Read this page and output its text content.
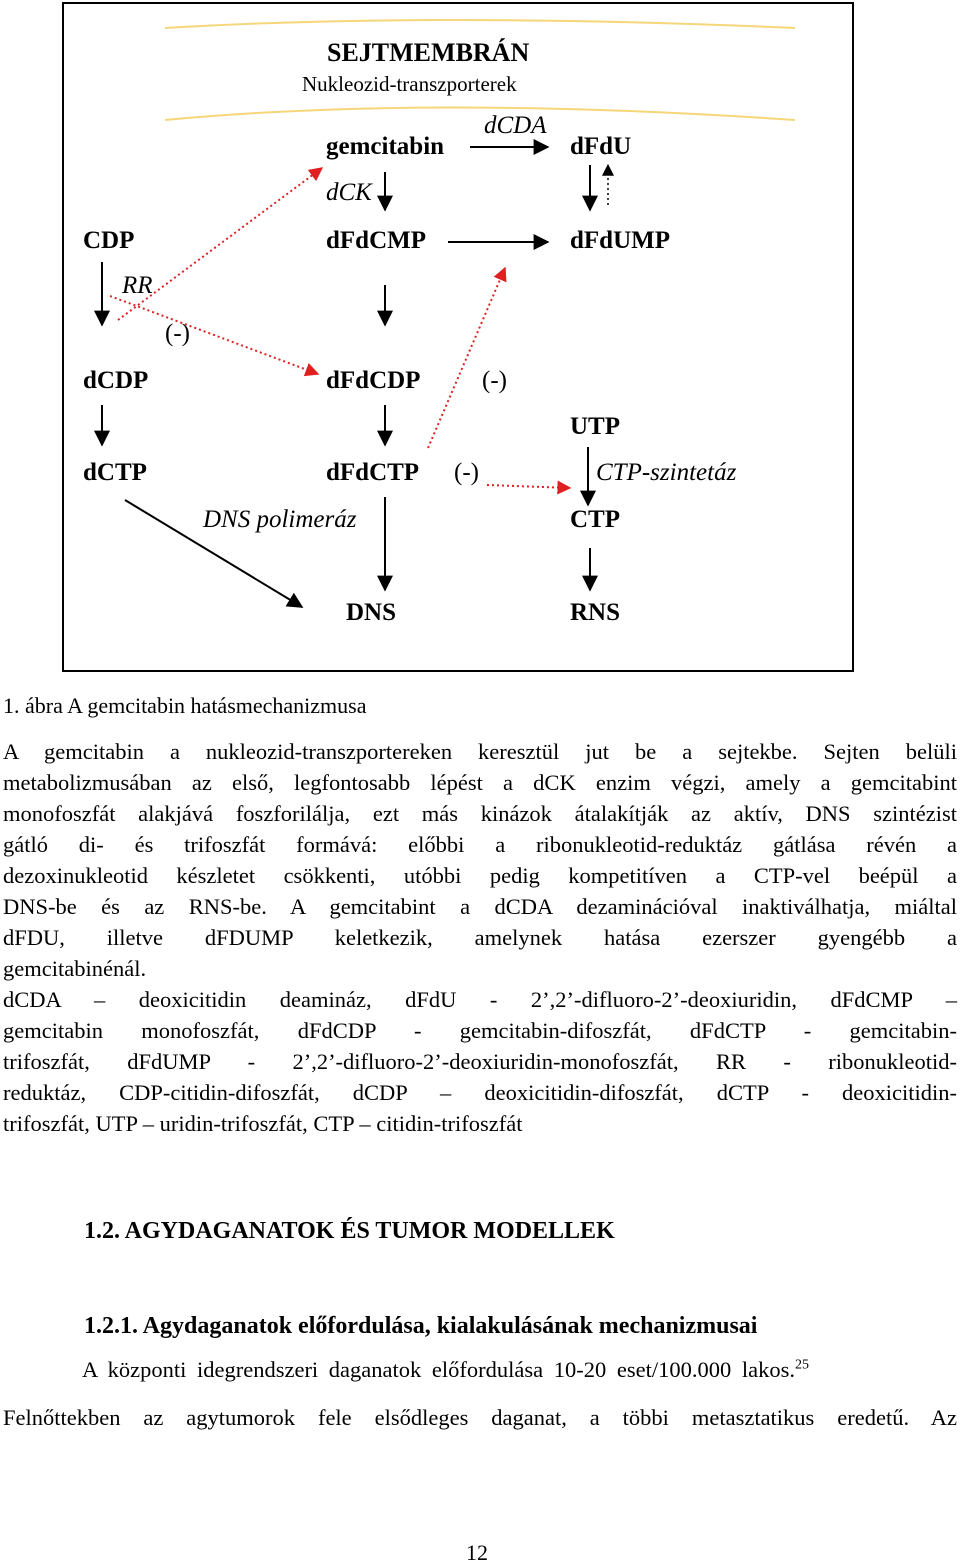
SEJTMEMBRÁN
Nukleozid-transzporterek
dCDA
gemcitabin	dFdU
dCK
CDP	dFdCMP	dFdUMP
RR
(-)
dCDP	dFdCDP (-)
UTP
dCTP	dFdCTP (-)	CTP-szintetáz
DNS polimeráz	CTP
DNS	RNS
1. ábra A gemcitabin hatásmechanizmusa
A gemcitabin a nukleozid-transzportereken keresztül jut be a sejtekbe. Sejten belüli
metabolizmusában az első, legfontosabb lépést a dCK enzim végzi, amely a gemcitabint
monofoszfát alakjává foszforilálja, ezt más kinázok átalakítják az aktív, DNS szintézist
gátló di- és trifoszfát formává: előbbi a ribonukleotid-reduktáz gátlása révén a
dezoxinukleotid készletet csökkenti, utóbbi pedig kompetitíven a CTP-vel beépül a
DNS-be és az RNS-be. A gemcitabint a dCDA dezaminációval inaktiválhatja, miáltal
dFDU, illetve dFDUMP keletkezik, amelynek hatása ezerszer gyengébb a
gemcitabinénál.
dCDA – deoxicitidin deamináz, dFdU - 2’,2’-difluoro-2’-deoxiuridin, dFdCMP –
gemcitabin monofoszfát, dFdCDP - gemcitabin-difoszfát, dFdCTP - gemcitabin-
trifoszfát, dFdUMP - 2’,2’-difluoro-2’-deoxiuridin-monofoszfát, RR - ribonukleotid-
reduktáz, CDP-citidin-difoszfát, dCDP – deoxicitidin-difoszfát, dCTP - deoxicitidin-
trifoszfát, UTP – uridin-trifoszfát, CTP – citidin-trifoszfát
1.2. AGYDAGANATOK ÉS TUMOR MODELLEK
1.2.1. Agydaganatok előfordulása, kialakulásának mechanizmusai
A központi idegrendszeri daganatok előfordulása 10-20 eset/100.000 lakos.$^{25}$
Felnőttekben az agytumorok fele elsődleges daganat, a többi metasztatikus eredetű. Az
12
